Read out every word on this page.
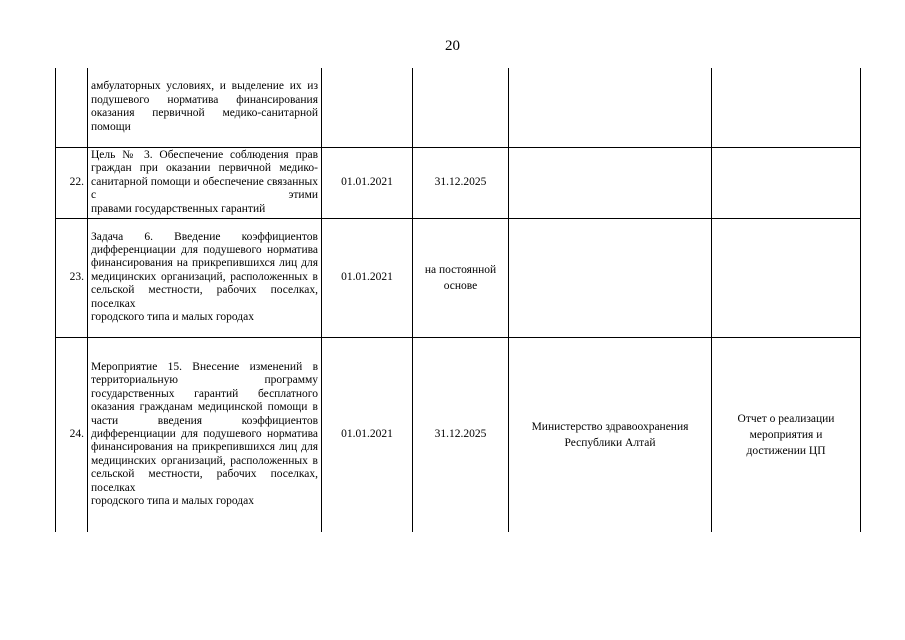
20
	амбулаторных условиях, и выделение их из подушевого норматива финансирования оказания первичной медико-санитарной
помощи				

22.	Цель № 3. Обеспечение соблюдения прав граждан при оказании первичной медико-санитарной помощи и обеспечение связанных с этими
правами государственных гарантий	01.01.2021	31.12.2025		
23.	Задача 6. Введение коэффициентов дифференциации для подушевого норматива финансирования на прикрепившихся лиц для медицинских организаций, расположенных в сельской местности, рабочих поселках, поселках
городского типа и малых городах	01.01.2021	на постоянной основе		
24.	Мероприятие 15. Внесение изменений в территориальную программу государственных гарантий бесплатного оказания гражданам медицинской помощи в части введения коэффициентов дифференциации для подушевого норматива финансирования на прикрепившихся лиц для медицинских организаций, расположенных в сельской местности, рабочих поселках, поселках
городского типа и малых городах	01.01.2021	31.12.2025	Министерство здравоохранения Республики Алтай	Отчет о реализации мероприятия и достижении ЦП
